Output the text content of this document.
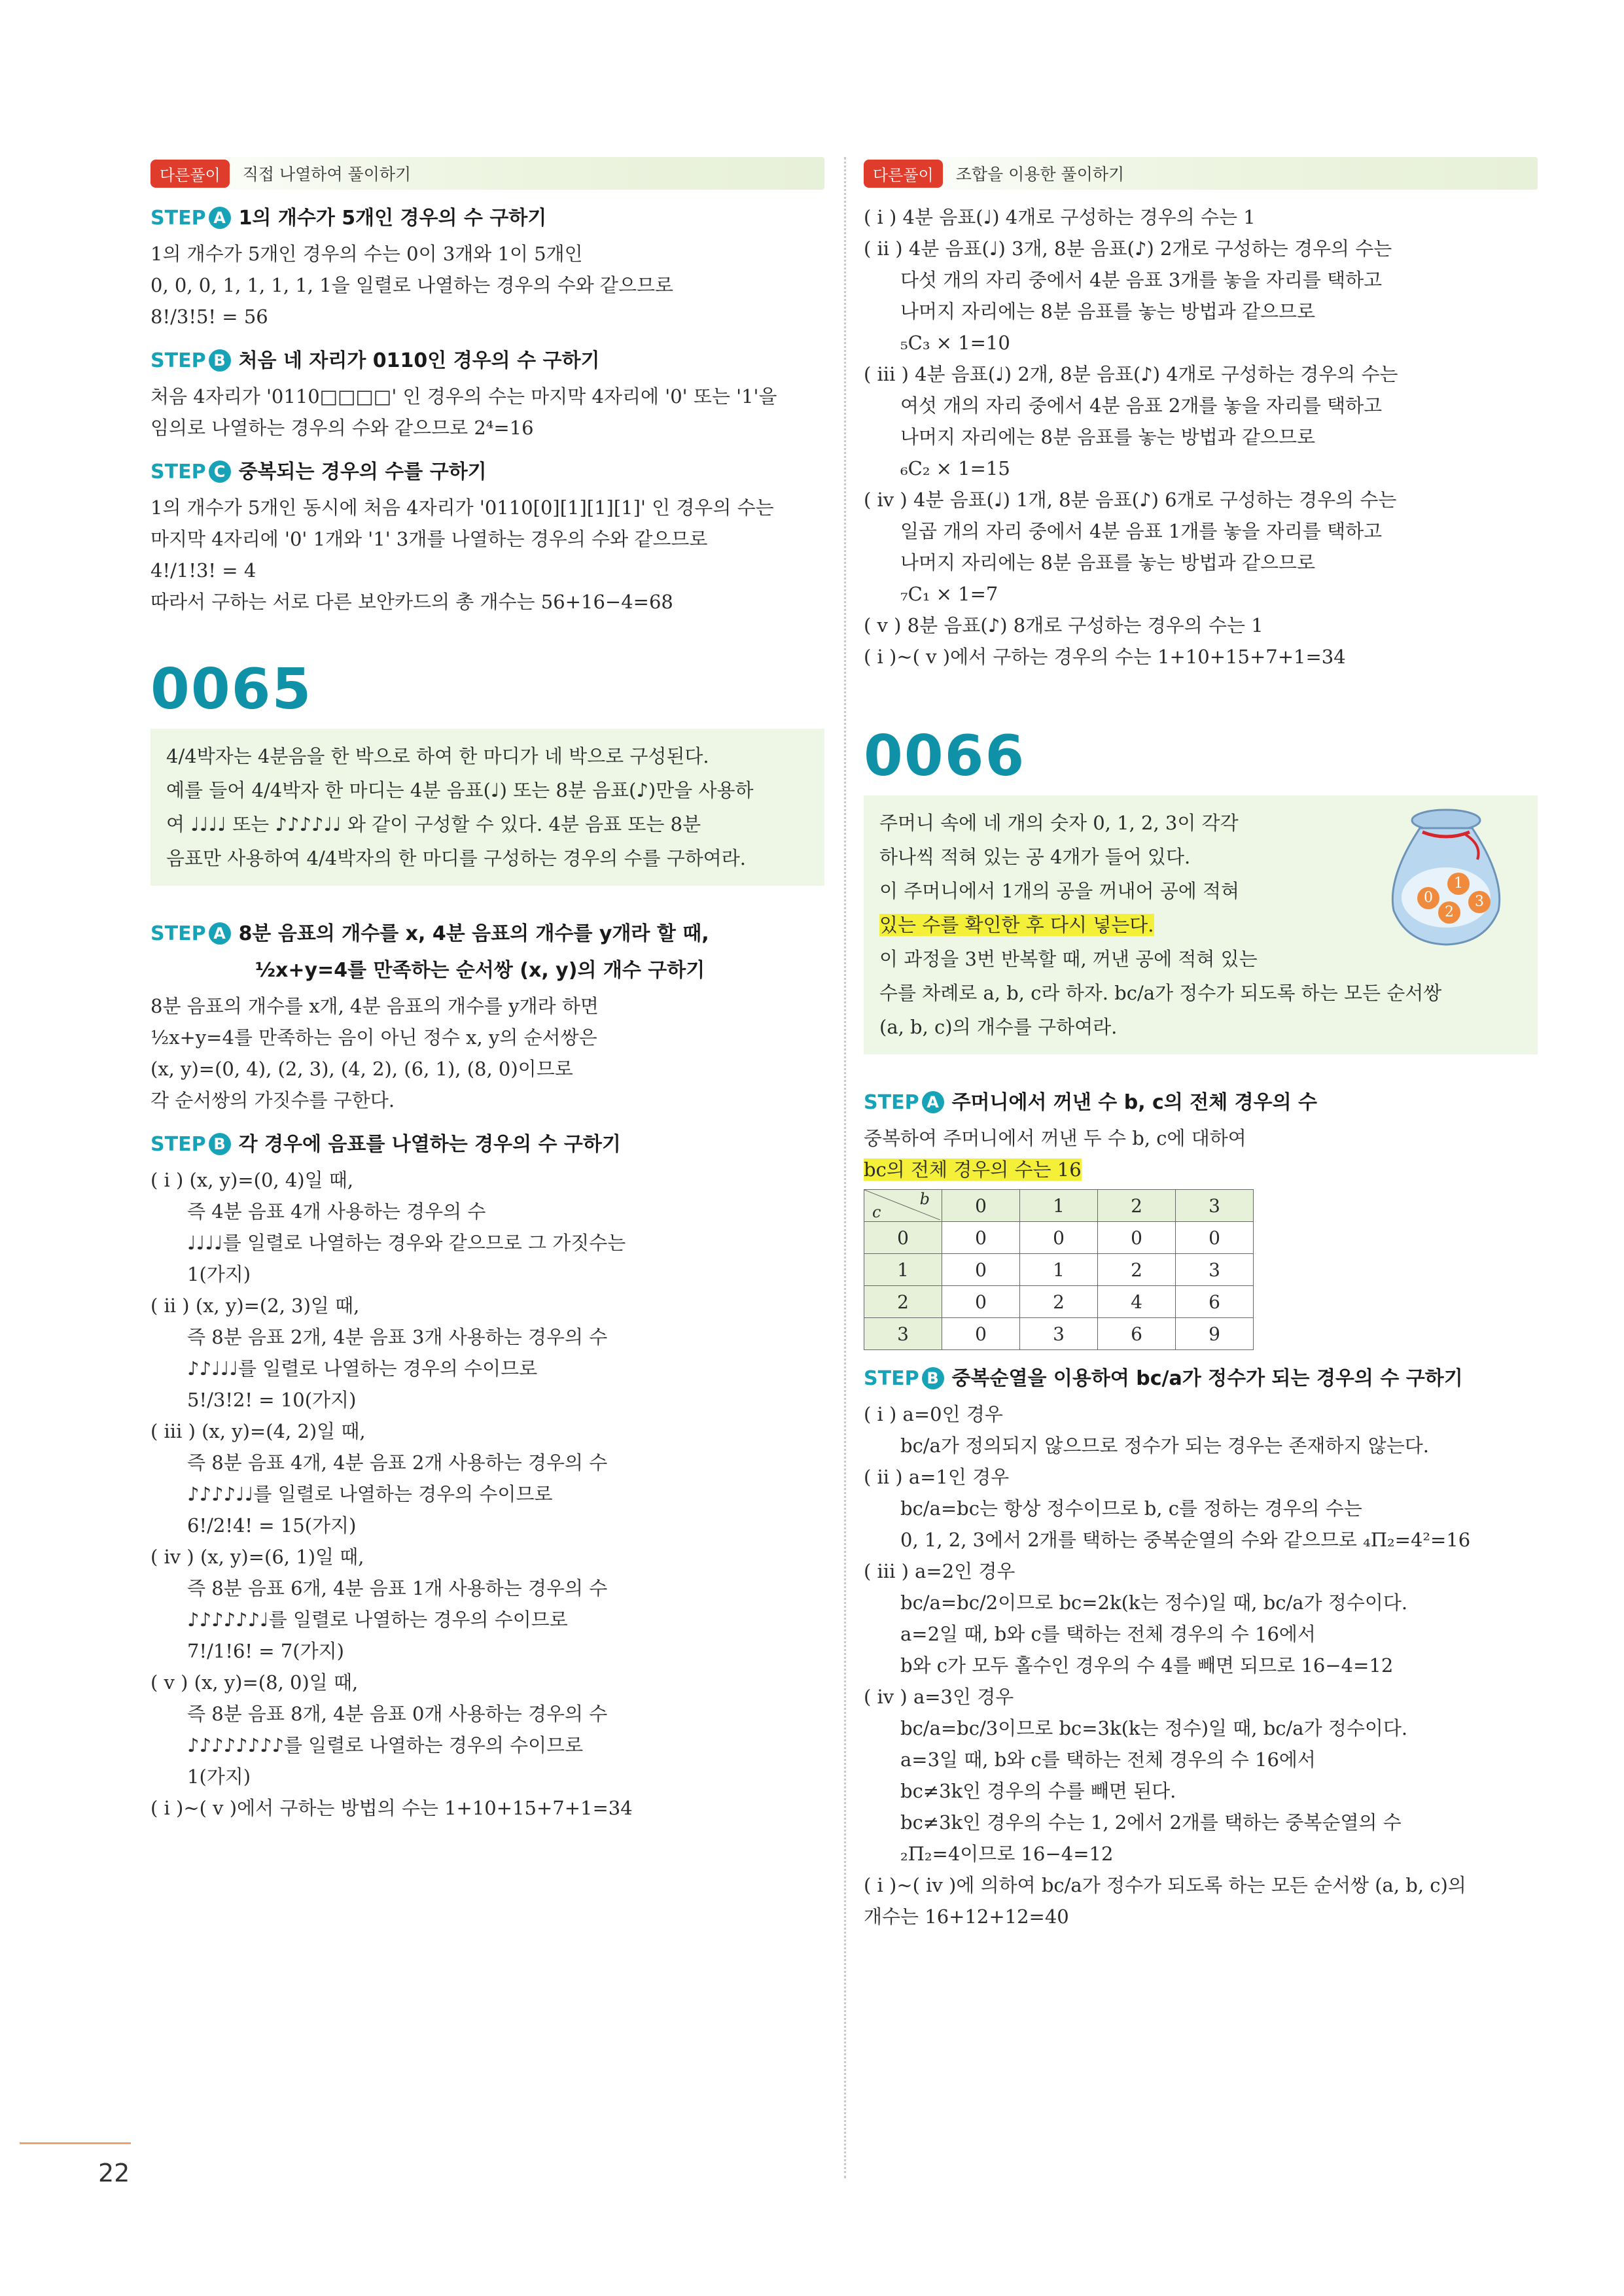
다른풀이	직접 나열하여 풀이하기
STEP A 1의 개수가 5개인 경우의 수 구하기
1의 개수가 5개인 경우의 수는 0이 3개와 1이 5개인
0, 0, 0, 1, 1, 1, 1, 1을 일렬로 나열하는 경우의 수와 같으므로
8!/3!5! = 56
STEP B 처음 네 자리가 0110인 경우의 수 구하기
처음 4자리가 '0110□□□□' 인 경우의 수는 마지막 4자리에 '0' 또는 '1'을
임의로 나열하는 경우의 수와 같으므로 2⁴=16
STEP C 중복되는 경우의 수를 구하기
1의 개수가 5개인 동시에 처음 4자리가 '0110[0][1][1][1]' 인 경우의 수는
마지막 4자리에 '0' 1개와 '1' 3개를 나열하는 경우의 수와 같으므로
4!/1!3! = 4
따라서 구하는 서로 다른 보안카드의 총 개수는 56+16−4=68
0065
4/4박자는 4분음을 한 박으로 하여 한 마디가 네 박으로 구성된다.
예를 들어 4/4박자 한 마디는 4분 음표(♩) 또는 8분 음표(♪)만을 사용하
여 ♩♩♩♩ 또는 ♪♪♪♪♩♩ 와 같이 구성할 수 있다. 4분 음표 또는 8분
음표만 사용하여 4/4박자의 한 마디를 구성하는 경우의 수를 구하여라.
STEP A 8분 음표의 개수를 x, 4분 음표의 개수를 y개라 할 때,
½x+y=4를 만족하는 순서쌍 (x, y)의 개수 구하기
8분 음표의 개수를 x개, 4분 음표의 개수를 y개라 하면
½x+y=4를 만족하는 음이 아닌 정수 x, y의 순서쌍은
(x, y)=(0, 4), (2, 3), (4, 2), (6, 1), (8, 0)이므로
각 순서쌍의 가짓수를 구한다.
STEP B 각 경우에 음표를 나열하는 경우의 수 구하기
( i ) (x, y)=(0, 4)일 때,
즉 4분 음표 4개 사용하는 경우의 수
♩♩♩♩를 일렬로 나열하는 경우와 같으므로 그 가짓수는
1(가지)
( ii ) (x, y)=(2, 3)일 때,
즉 8분 음표 2개, 4분 음표 3개 사용하는 경우의 수
♪♪♩♩♩를 일렬로 나열하는 경우의 수이므로
5!/3!2! = 10(가지)
( iii ) (x, y)=(4, 2)일 때,
즉 8분 음표 4개, 4분 음표 2개 사용하는 경우의 수
♪♪♪♪♩♩를 일렬로 나열하는 경우의 수이므로
6!/2!4! = 15(가지)
( iv ) (x, y)=(6, 1)일 때,
즉 8분 음표 6개, 4분 음표 1개 사용하는 경우의 수
♪♪♪♪♪♪♩를 일렬로 나열하는 경우의 수이므로
7!/1!6! = 7(가지)
( v ) (x, y)=(8, 0)일 때,
즉 8분 음표 8개, 4분 음표 0개 사용하는 경우의 수
♪♪♪♪♪♪♪♪를 일렬로 나열하는 경우의 수이므로
1(가지)
( i )~( v )에서 구하는 방법의 수는 1+10+15+7+1=34
다른풀이	조합을 이용한 풀이하기
( i ) 4분 음표(♩) 4개로 구성하는 경우의 수는 1
( ii ) 4분 음표(♩) 3개, 8분 음표(♪) 2개로 구성하는 경우의 수는
다섯 개의 자리 중에서 4분 음표 3개를 놓을 자리를 택하고
나머지 자리에는 8분 음표를 놓는 방법과 같으므로
₅C₃ × 1=10
( iii ) 4분 음표(♩) 2개, 8분 음표(♪) 4개로 구성하는 경우의 수는
여섯 개의 자리 중에서 4분 음표 2개를 놓을 자리를 택하고
나머지 자리에는 8분 음표를 놓는 방법과 같으므로
₆C₂ × 1=15
( iv ) 4분 음표(♩) 1개, 8분 음표(♪) 6개로 구성하는 경우의 수는
일곱 개의 자리 중에서 4분 음표 1개를 놓을 자리를 택하고
나머지 자리에는 8분 음표를 놓는 방법과 같으므로
₇C₁ × 1=7
( v ) 8분 음표(♪) 8개로 구성하는 경우의 수는 1
( i )~( v )에서 구하는 경우의 수는 1+10+15+7+1=34
0066
주머니 속에 네 개의 숫자 0, 1, 2, 3이 각각
하나씩 적혀 있는 공 4개가 들어 있다.
이 주머니에서 1개의 공을 꺼내어 공에 적혀
있는 수를 확인한 후 다시 넣는다.
이 과정을 3번 반복할 때, 꺼낸 공에 적혀 있는
수를 차례로 a, b, c라 하자. bc/a가 정수가 되도록 하는 모든 순서쌍
(a, b, c)의 개수를 구하여라.
0
1
2
3
STEP A 주머니에서 꺼낸 수 b, c의 전체 경우의 수
중복하여 주머니에서 꺼낸 두 수 b, c에 대하여
bc의 전체 경우의 수는 16
b
c	0	1	2	3
0	0	0	0	0
1	0	1	2	3
2	0	2	4	6
3	0	3	6	9
STEP B 중복순열을 이용하여 bc/a가 정수가 되는 경우의 수 구하기
( i ) a=0인 경우
bc/a가 정의되지 않으므로 정수가 되는 경우는 존재하지 않는다.
( ii ) a=1인 경우
bc/a=bc는 항상 정수이므로 b, c를 정하는 경우의 수는
0, 1, 2, 3에서 2개를 택하는 중복순열의 수와 같으므로 ₄Π₂=4²=16
( iii ) a=2인 경우
bc/a=bc/2이므로 bc=2k(k는 정수)일 때, bc/a가 정수이다.
a=2일 때, b와 c를 택하는 전체 경우의 수 16에서
b와 c가 모두 홀수인 경우의 수 4를 빼면 되므로 16−4=12
( iv ) a=3인 경우
bc/a=bc/3이므로 bc=3k(k는 정수)일 때, bc/a가 정수이다.
a=3일 때, b와 c를 택하는 전체 경우의 수 16에서
bc≠3k인 경우의 수를 빼면 된다.
bc≠3k인 경우의 수는 1, 2에서 2개를 택하는 중복순열의 수
₂Π₂=4이므로 16−4=12
( i )~( iv )에 의하여 bc/a가 정수가 되도록 하는 모든 순서쌍 (a, b, c)의
개수는 16+12+12=40
22
